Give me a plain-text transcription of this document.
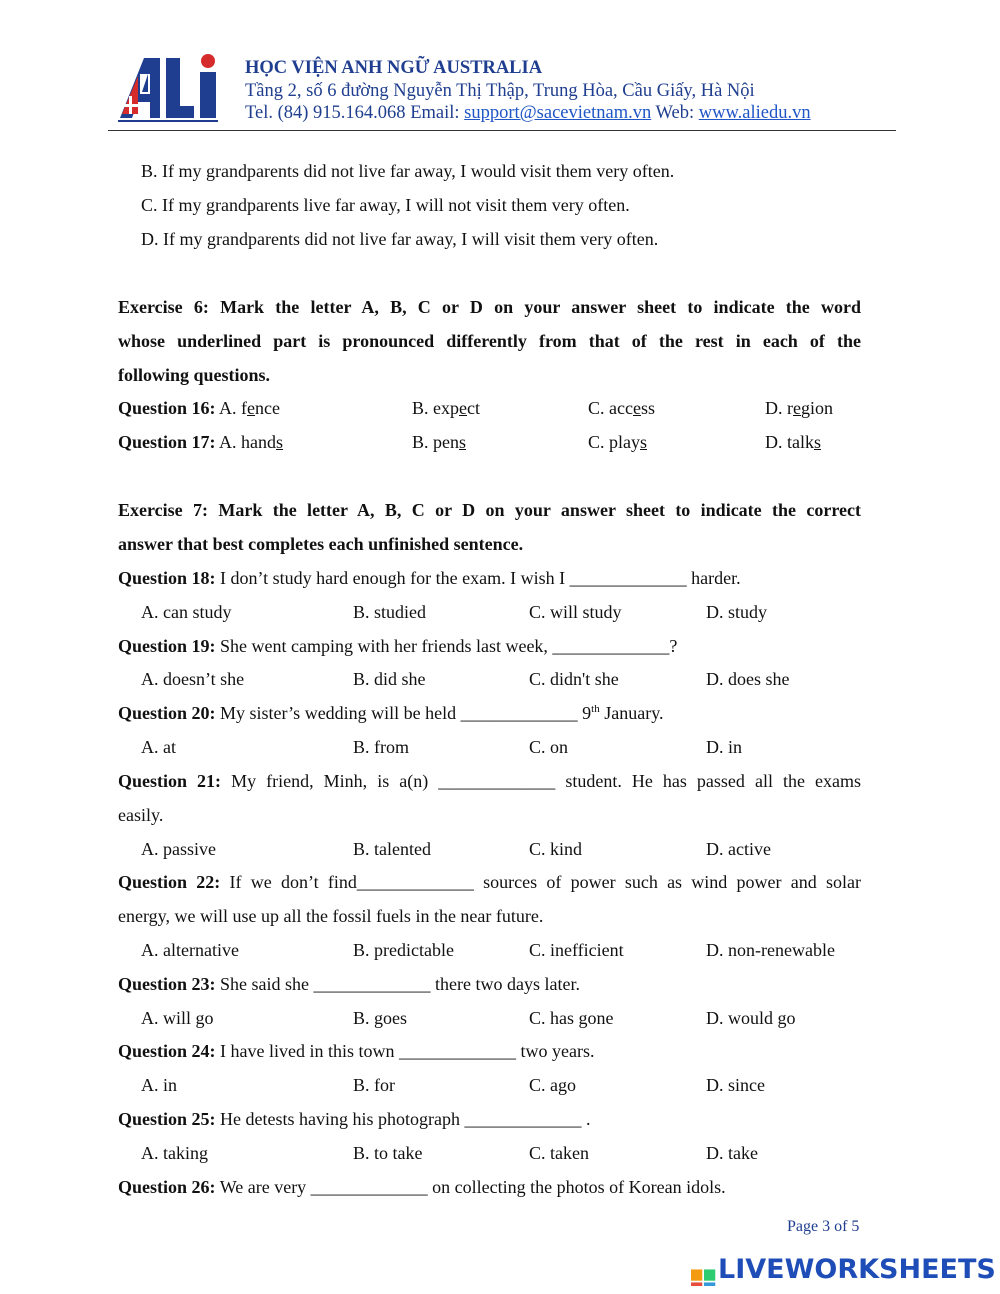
HỌC VIỆN ANH NGỮ AUSTRALIA
Tầng 2, số 6 đường Nguyễn Thị Thập, Trung Hòa, Cầu Giấy, Hà Nội
Tel. (84) 915.164.068 Email: support@sacevietnam.vn Web: www.aliedu.vn
B. If my grandparents did not live far away, I would visit them very often.
C. If my grandparents live far away, I will not visit them very often.
D. If my grandparents did not live far away, I will visit them very often.
Exercise 6: Mark the letter A, B, C or D on your answer sheet to indicate the word
whose underlined part is pronounced differently from that of the rest in each of the
following questions.
Question 16: A. fence	B. expect	C. access	D. region
Question 17: A. hands	B. pens	C. plays	D. talks
Exercise 7: Mark the letter A, B, C or D on your answer sheet to indicate the correct
answer that best completes each unfinished sentence.
Question 18: I don’t study hard enough for the exam. I wish I _____________ harder.
A. can study	B. studied	C. will study	D. study
Question 19: She went camping with her friends last week, _____________?
A. doesn’t she	B. did she	C. didn't she	D. does she
Question 20: My sister’s wedding will be held _____________ 9th January.
A. at	B. from	C. on	D. in
Question 21: My friend, Minh, is a(n) _____________ student. He has passed all the exams
easily.
A. passive	B. talented	C. kind	D. active
Question 22: If we don’t find_____________ sources of power such as wind power and solar
energy, we will use up all the fossil fuels in the near future.
A. alternative	B. predictable	C. inefficient	D. non-renewable
Question 23: She said she _____________ there two days later.
A. will go	B. goes	C. has gone	D. would go
Question 24: I have lived in this town _____________ two years.
A. in	B. for	C. ago	D. since
Question 25: He detests having his photograph _____________ .
A. taking	B. to take	C. taken	D. take
Question 26: We are very _____________ on collecting the photos of Korean idols.
Page 3 of 5
LIVEWORKSHEETS
